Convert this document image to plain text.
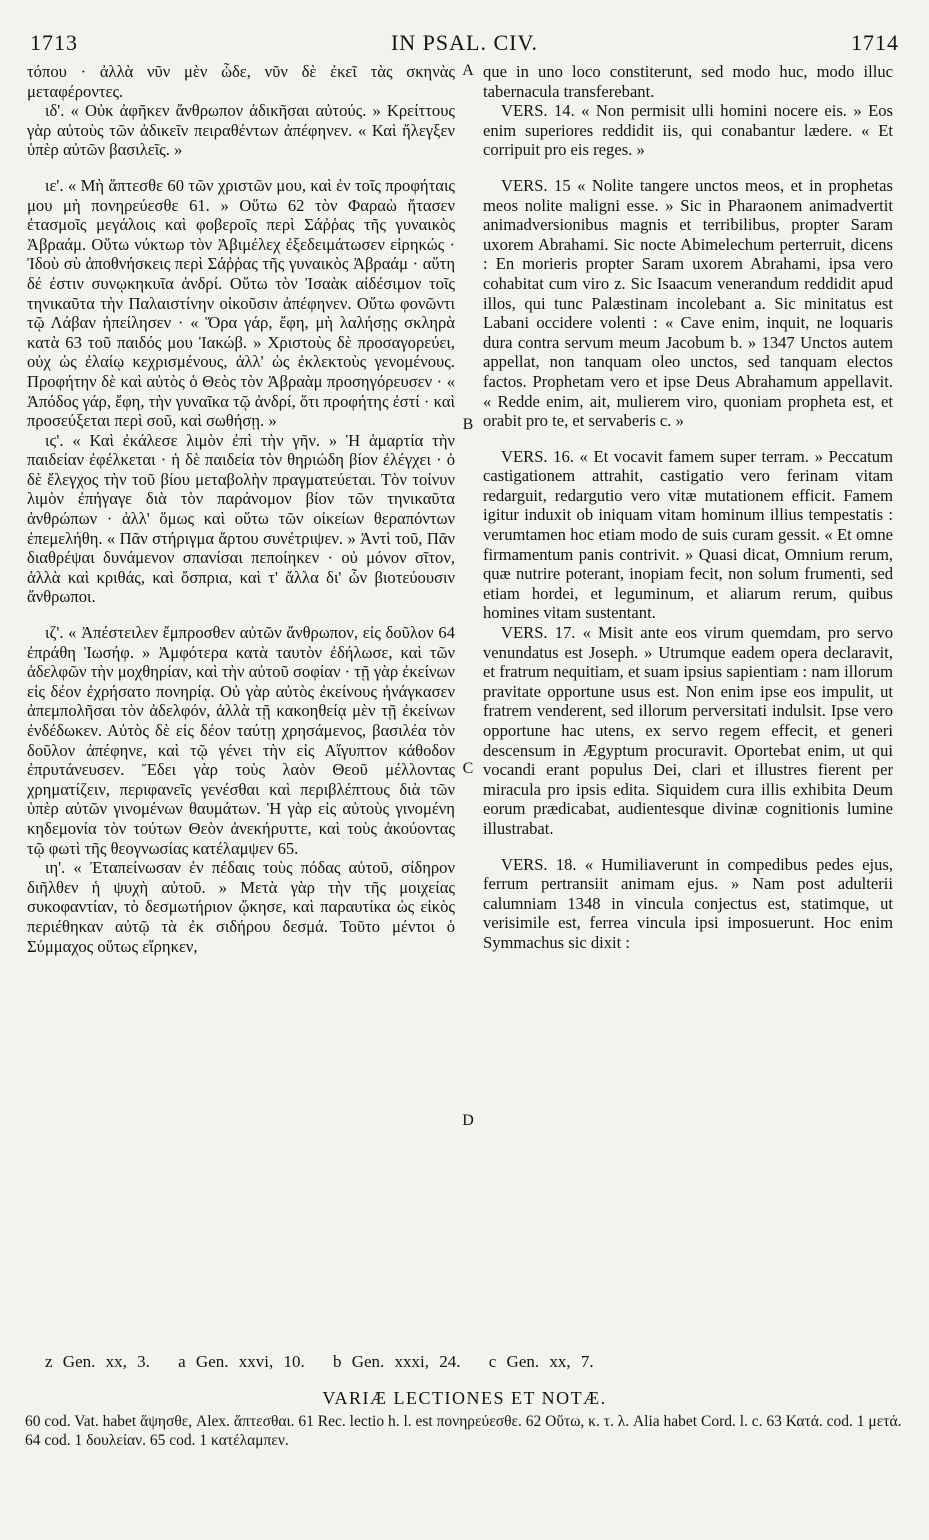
1713	IN PSAL. CIV.	1714

τόπου · ἀλλὰ νῦν μὲν ὧδε, νῦν δὲ ἐκεῖ τὰς σκηνὰς μεταφέροντες.

ιδ'. « Οὐκ ἀφῆκεν ἄνθρωπον ἀδικῆσαι αὐτούς. » Κρείττους γὰρ αὐτοὺς τῶν ἀδικεῖν πειραθέντων ἀπέφηνεν. « Καὶ ἤλεγξεν ὑπὲρ αὐτῶν βασιλεῖς. »

ιε'. « Μὴ ἅπτεσθε 60 τῶν χριστῶν μου, καὶ ἐν τοῖς προφήταις μου μὴ πονηρεύεσθε 61. » Οὕτω 62 τὸν Φαραὼ ἤτασεν ἐτασμοῖς μεγάλοις καὶ φοβεροῖς περὶ Σάῤῥας τῆς γυναικὸς Ἀβραάμ. Οὕτω νύκτωρ τὸν Ἀβιμέλεχ ἐξεδειμάτωσεν εἰρηκώς · Ἰδοὺ σὺ ἀποθνήσκεις περὶ Σάῤῥας τῆς γυναικὸς Ἀβραάμ · αὕτη δέ ἐστιν συνῳκηκυῖα ἀνδρί. Οὕτω τὸν Ἰσαὰκ αἰδέσιμον τοῖς τηνικαῦτα τὴν Παλαιστίνην οἰκοῦσιν ἀπέφηνεν. Οὕτω φονῶντι τῷ Λάβαν ἠπείλησεν · « Ὅρα γάρ, ἔφη, μὴ λαλήσῃς σκληρὰ κατὰ 63 τοῦ παιδός μου Ἰακώβ. » Χριστοὺς δὲ προσαγορεύει, οὐχ ὡς ἐλαίῳ κεχρισμένους, ἀλλ' ὡς ἐκλεκτοὺς γενομένους. Προφήτην δὲ καὶ αὐτὸς ὁ Θεὸς τὸν Ἀβραὰμ προσηγόρευσεν · « Ἀπόδος γάρ, ἔφη, τὴν γυναῖκα τῷ ἀνδρί, ὅτι προφήτης ἐστί · καὶ προσεύξεται περὶ σοῦ, καὶ σωθήσῃ. »

ιϛ'. « Καὶ ἐκάλεσε λιμὸν ἐπὶ τὴν γῆν. » Ἡ ἁμαρτία τὴν παιδείαν ἐφέλκεται · ἡ δὲ παιδεία τὸν θηριώδη βίον ἐλέγχει · ὁ δὲ ἔλεγχος τὴν τοῦ βίου μεταβολὴν πραγματεύεται. Τὸν τοίνυν λιμὸν ἐπήγαγε διὰ τὸν παράνομον βίον τῶν τηνικαῦτα ἀνθρώπων · ἀλλ' ὅμως καὶ οὕτω τῶν οἰκείων θεραπόντων ἐπεμελήθη. « Πᾶν στήριγμα ἄρτου συνέτριψεν. » Ἀντὶ τοῦ, Πᾶν διαθρέψαι δυνάμενον σπανίσαι πεποίηκεν · οὐ μόνον σῖτον, ἀλλὰ καὶ κριθάς, καὶ ὄσπρια, καὶ τ' ἄλλα δι' ὧν βιοτεύουσιν ἄνθρωποι.

ιζ'. « Ἀπέστειλεν ἔμπροσθεν αὐτῶν ἄνθρωπον, εἰς δοῦλον 64 ἐπράθη Ἰωσήφ. » Ἀμφότερα κατὰ ταυτὸν ἐδήλωσε, καὶ τῶν ἀδελφῶν τὴν μοχθηρίαν, καὶ τὴν αὐτοῦ σοφίαν · τῇ γὰρ ἐκείνων εἰς δέον ἐχρήσατο πονηρίᾳ. Οὐ γὰρ αὐτὸς ἐκείνους ἠνάγκασεν ἀπεμπολῆσαι τὸν ἀδελφόν, ἀλλὰ τῇ κακοηθείᾳ μὲν τῇ ἐκείνων ἐνδέδωκεν. Αὐτὸς δὲ εἰς δέον ταύτῃ χρησάμενος, βασιλέα τὸν δοῦλον ἀπέφηνε, καὶ τῷ γένει τὴν εἰς Αἴγυπτον κάθοδον ἐπρυτάνευσεν. Ἔδει γὰρ τοὺς λαὸν Θεοῦ μέλλοντας χρηματίζειν, περιφανεῖς γενέσθαι καὶ περιβλέπτους διὰ τῶν ὑπὲρ αὐτῶν γινομένων θαυμάτων. Ἡ γὰρ εἰς αὐτοὺς γινομένη κηδεμονία τὸν τούτων Θεὸν ἀνεκήρυττε, καὶ τοὺς ἀκούοντας τῷ φωτὶ τῆς θεογνωσίας κατέλαμψεν 65.

ιη'. « Ἐταπείνωσαν ἐν πέδαις τοὺς πόδας αὐτοῦ, σίδηρον διῆλθεν ἡ ψυχὴ αὐτοῦ. » Μετὰ γὰρ τὴν τῆς μοιχείας συκοφαντίαν, τὸ δεσμωτήριον ᾤκησε, καὶ παραυτίκα ὡς εἰκὸς περιέθηκαν αὐτῷ τὰ ἐκ σιδήρου δεσμά. Τοῦτο μέντοι ὁ Σύμμαχος οὕτως εἴρηκεν,

A
B
C
D

que in uno loco constiterunt, sed modo huc, modo illuc tabernacula transferebant.

VERS. 14. « Non permisit ulli homini nocere eis. » Eos enim superiores reddidit iis, qui conabantur lædere. « Et corripuit pro eis reges. »

VERS. 15 « Nolite tangere unctos meos, et in prophetas meos nolite maligni esse. » Sic in Pharaonem animadvertit animadversionibus magnis et terribilibus, propter Saram uxorem Abrahami. Sic nocte Abimelechum perterruit, dicens : En morieris propter Saram uxorem Abrahami, ipsa vero cohabitat cum viro z. Sic Isaacum venerandum reddidit apud illos, qui tunc Palæstinam incolebant a. Sic minitatus est Labani occidere volenti : « Cave enim, inquit, ne loquaris dura contra servum meum Jacobum b. » 1347 Unctos autem appellat, non tanquam oleo unctos, sed tanquam electos factos. Prophetam vero et ipse Deus Abrahamum appellavit. « Redde enim, ait, mulierem viro, quoniam propheta est, et orabit pro te, et servaberis c. »

VERS. 16. « Et vocavit famem super terram. » Peccatum castigationem attrahit, castigatio vero ferinam vitam redarguit, redargutio vero vitæ mutationem efficit. Famem igitur induxit ob iniquam vitam hominum illius tempestatis : verumtamen hoc etiam modo de suis curam gessit. « Et omne firmamentum panis contrivit. » Quasi dicat, Omnium rerum, quæ nutrire poterant, inopiam fecit, non solum frumenti, sed etiam hordei, et leguminum, et aliarum rerum, quibus homines vitam sustentant.

VERS. 17. « Misit ante eos virum quemdam, pro servo venundatus est Joseph. » Utrumque eadem opera declaravit, et fratrum nequitiam, et suam ipsius sapientiam : nam illorum pravitate opportune usus est. Non enim ipse eos impulit, ut fratrem venderent, sed illorum perversitati indulsit. Ipse vero opportune hac utens, ex servo regem effecit, et generi descensum in Ægyptum procuravit. Oportebat enim, ut qui vocandi erant populus Dei, clari et illustres fierent per miracula pro ipsis edita. Siquidem cura illis exhibita Deum eorum prædicabat, audientesque divinæ cognitionis lumine illustrabat.

VERS. 18. « Humiliaverunt in compedibus pedes ejus, ferrum pertransiit animam ejus. » Nam post adulterii calumniam 1348 in vincula conjectus est, statimque, ut verisimile est, ferrea vincula ipsi imposuerunt. Hoc enim Symmachus sic dixit :

z Gen. xx, 3. a Gen. xxvi, 10. b Gen. xxxi, 24. c Gen. xx, 7.
VARIÆ LECTIONES ET NOTÆ.
60 cod. Vat. habet ἅψησθε, Alex. ἅπτεσθαι. 61 Rec. lectio h. l. est πονηρεύεσθε. 62 Οὕτω, κ. τ. λ. Alia habet Cord. l. c. 63 Κατά. cod. 1 μετά. 64 cod. 1 δουλείαν. 65 cod. 1 κατέλαμπεν.
